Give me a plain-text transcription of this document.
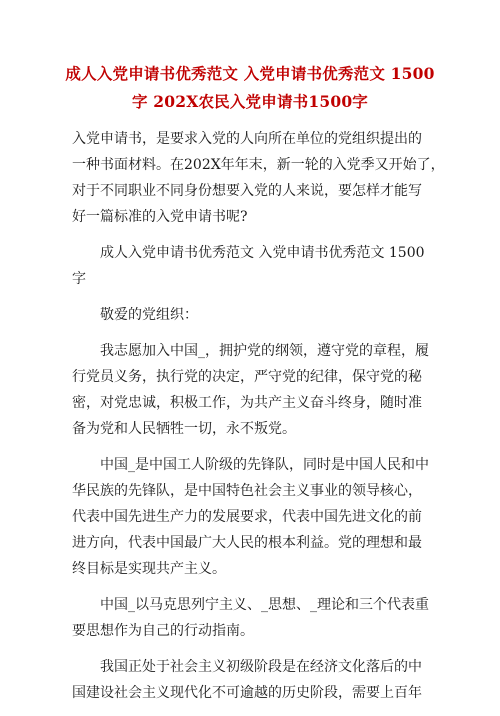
成人入党申请书优秀范文 入党申请书优秀范文 1500
字 202X农民入党申请书1500字

入党申请书，是要求入党的人向所在单位的党组织提出的
一种书面材料。在202X年年末，新一轮的入党季又开始了，
对于不同职业不同身份想要入党的人来说，要怎样才能写
好一篇标准的入党申请书呢?

成人入党申请书优秀范文 入党申请书优秀范文 1500
字

敬爱的党组织：

我志愿加入中国_，拥护党的纲领，遵守党的章程，履
行党员义务，执行党的决定，严守党的纪律，保守党的秘
密，对党忠诚，积极工作，为共产主义奋斗终身，随时准
备为党和人民牺牲一切，永不叛党。

中国_是中国工人阶级的先锋队，同时是中国人民和中
华民族的先锋队，是中国特色社会主义事业的领导核心，
代表中国先进生产力的发展要求，代表中国先进文化的前
进方向，代表中国最广大人民的根本利益。党的理想和最
终目标是实现共产主义。

中国_以马克思列宁主义、_思想、_理论和三个代表重
要思想作为自己的行动指南。

我国正处于社会主义初级阶段是在经济文化落后的中
国建设社会主义现代化不可逾越的历史阶段，需要上百年
